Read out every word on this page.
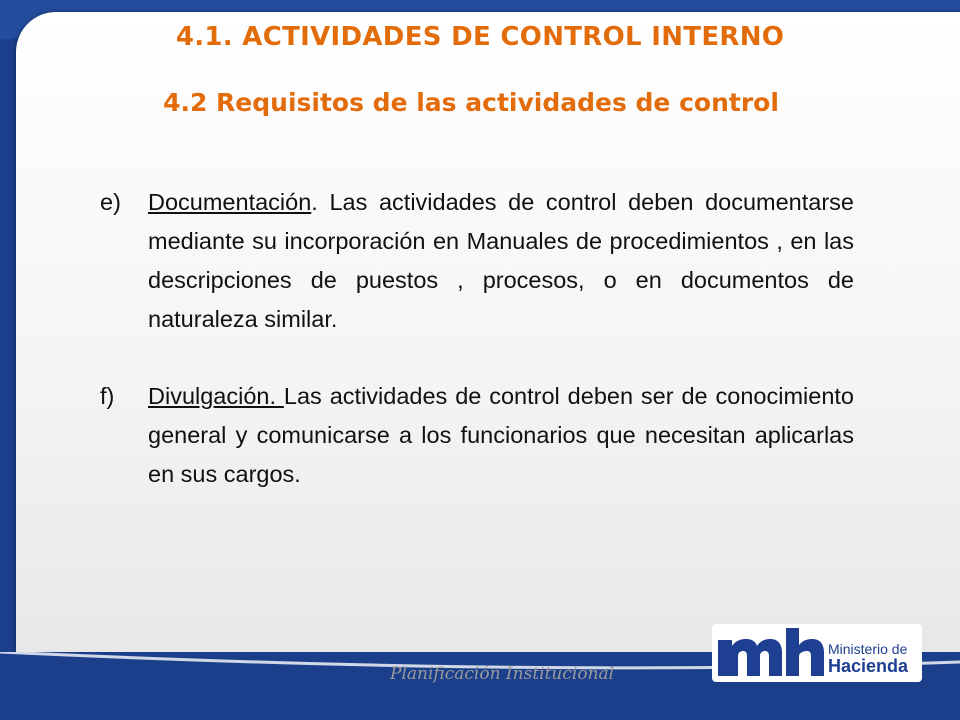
4.1. ACTIVIDADES DE CONTROL INTERNO
4.2 Requisitos de las actividades de control
e)	Documentación. Las actividades de control deben documentarse mediante su incorporación en Manuales de procedimientos , en las descripciones de puestos , procesos, o en documentos de naturaleza similar.
f)	Divulgación. Las actividades de control deben ser de conocimiento general y comunicarse a los funcionarios que necesitan aplicarlas en sus cargos.
Ministerio de
Hacienda

Planificación Institucional
